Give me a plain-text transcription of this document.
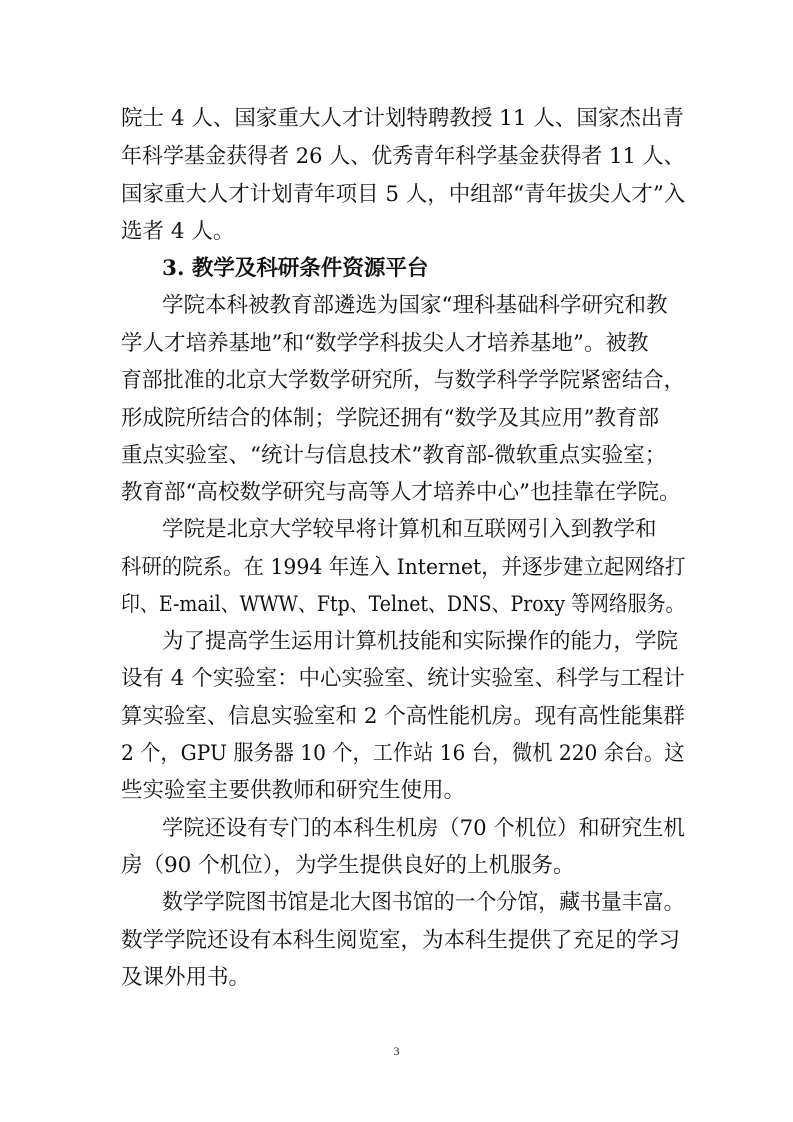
院士 4 人、国家重大人才计划特聘教授 11 人、国家杰出青
年科学基金获得者 26 人、优秀青年科学基金获得者 11 人、
国家重大人才计划青年项目 5 人，中组部“青年拔尖人才”入
选者 4 人。
3. 教学及科研条件资源平台
学院本科被教育部遴选为国家“理科基础科学研究和教
学人才培养基地”和“数学学科拔尖人才培养基地”。被教
育部批准的北京大学数学研究所，与数学科学学院紧密结合，
形成院所结合的体制；学院还拥有“数学及其应用”教育部
重点实验室、“统计与信息技术”教育部-微软重点实验室；
教育部“高校数学研究与高等人才培养中心”也挂靠在学院。
学院是北京大学较早将计算机和互联网引入到教学和
科研的院系。在 1994 年连入 Internet，并逐步建立起网络打
印、E-mail、WWW、Ftp、Telnet、DNS、Proxy 等网络服务。
为了提高学生运用计算机技能和实际操作的能力，学院
设有 4 个实验室：中心实验室、统计实验室、科学与工程计
算实验室、信息实验室和 2 个高性能机房。现有高性能集群
2 个，GPU 服务器 10 个，工作站 16 台，微机 220 余台。这
些实验室主要供教师和研究生使用。
学院还设有专门的本科生机房（70 个机位）和研究生机
房（90 个机位），为学生提供良好的上机服务。
数学学院图书馆是北大图书馆的一个分馆，藏书量丰富。
数学学院还设有本科生阅览室，为本科生提供了充足的学习
及课外用书。
3
